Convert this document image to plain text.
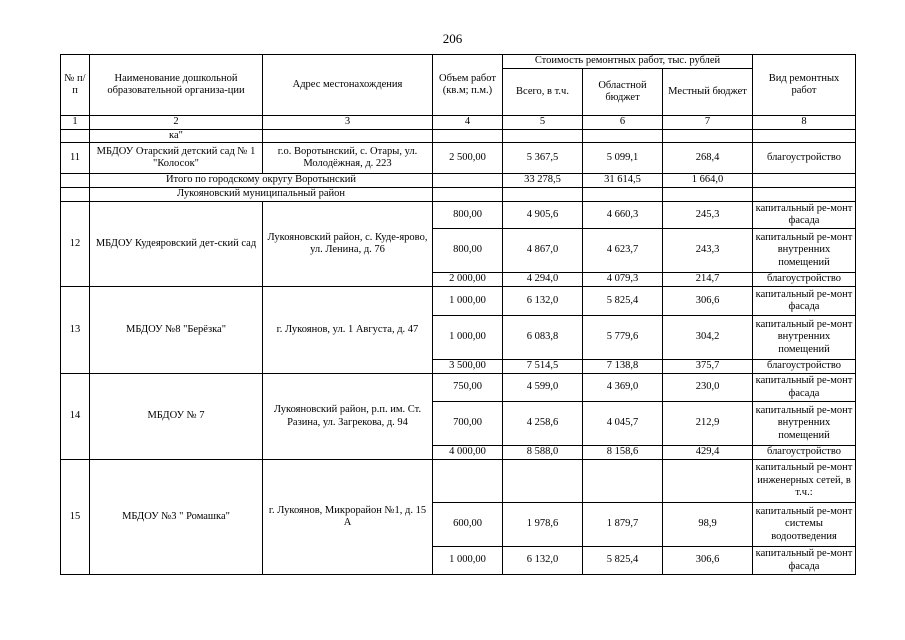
206
№ п/п	Наименование дошкольной образовательной организа-ции	Адрес местонахождения	Объем работ (кв.м; п.м.)	Стоимость ремонтных работ, тыс. рублей			Вид ремонтных работ
				Всего, в т.ч.	Областной бюджет	Местный бюджет	
1	2	3	4	5	6	7	8
	ка"						
11	МБДОУ Отарский детский сад № 1 "Колосок"	г.о. Воротынский, с. Отары, ул. Молодёжная, д. 223	2 500,00	5 367,5	5 099,1	268,4	благоустройство
	Итого по городскому округу Воротынский			33 278,5	31 614,5	1 664,0	
	Лукояновский муниципальный район						
12	МБДОУ Кудеяровский дет-ский сад	Лукояновский район, с. Куде-ярово, ул. Ленина, д. 76	800,00	4 905,6	4 660,3	245,3	капитальный ре-монт фасада
			800,00	4 867,0	4 623,7	243,3	капитальный ре-монт внутренних помещений
			2 000,00	4 294,0	4 079,3	214,7	благоустройство
13	МБДОУ №8 "Берёзка"	г. Лукоянов, ул. 1 Августа, д. 47	1 000,00	6 132,0	5 825,4	306,6	капитальный ре-монт фасада
			1 000,00	6 083,8	5 779,6	304,2	капитальный ре-монт внутренних помещений
			3 500,00	7 514,5	7 138,8	375,7	благоустройство
14	МБДОУ № 7	Лукояновский район, р.п. им. Ст. Разина, ул. Загрекова, д. 94	750,00	4 599,0	4 369,0	230,0	капитальный ре-монт фасада
			700,00	4 258,6	4 045,7	212,9	капитальный ре-монт внутренних помещений
			4 000,00	8 588,0	8 158,6	429,4	благоустройство
15	МБДОУ №3 " Ромашка"	г. Лукоянов, Микрорайон №1, д. 15 А					капитальный ре-монт инженерных сетей, в т.ч.:
			600,00	1 978,6	1 879,7	98,9	капитальный ре-монт системы водоотведения
			1 000,00	6 132,0	5 825,4	306,6	капитальный ре-монт фасада
